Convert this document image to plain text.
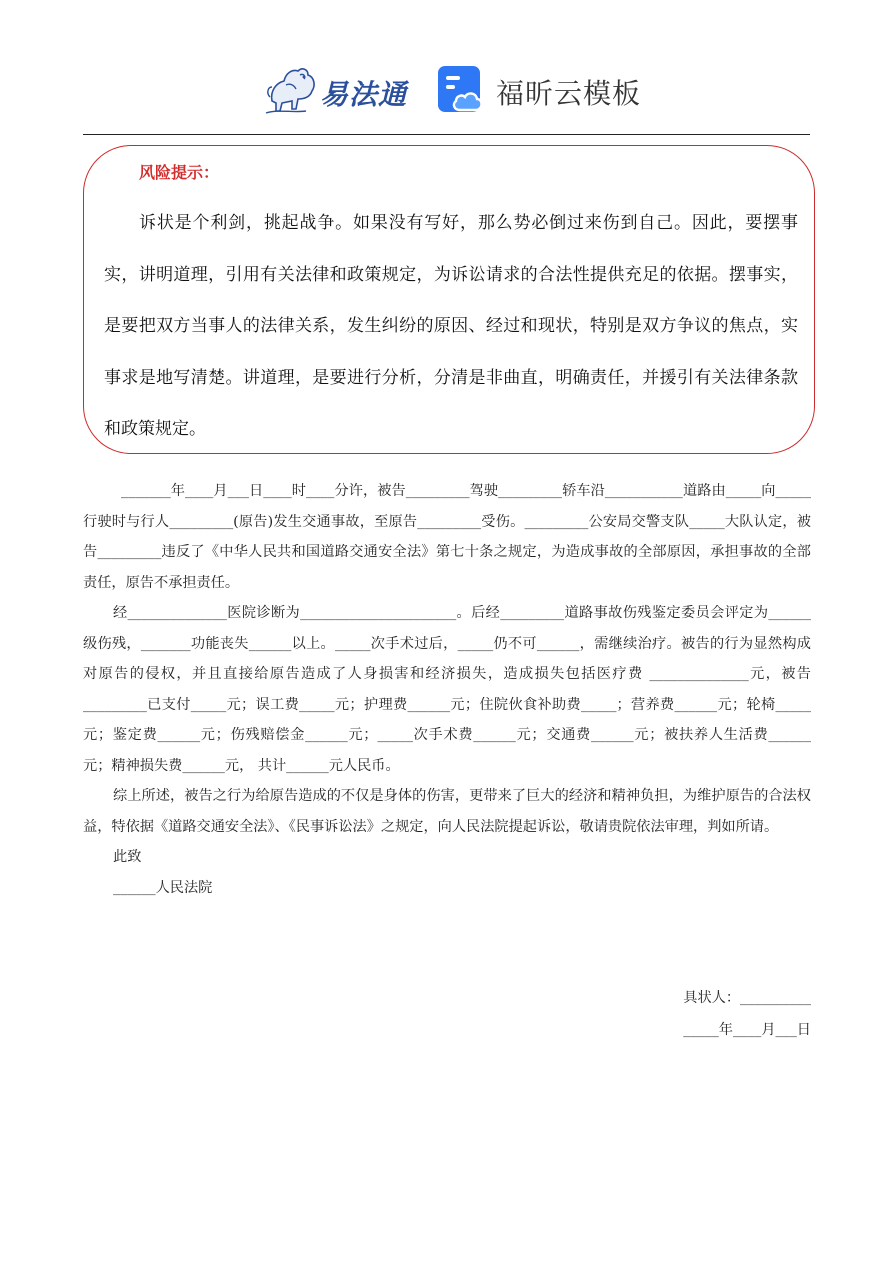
易法通	福昕云模板
风险提示：
诉状是个利剑，挑起战争。如果没有写好，那么势必倒过来伤到自己。因此，要摆事实，讲明道理，引用有关法律和政策规定，为诉讼请求的合法性提供充足的依据。摆事实，是要把双方当事人的法律关系，发生纠纷的原因、经过和现状，特别是双方争议的焦点，实事求是地写清楚。讲道理，是要进行分析，分清是非曲直，明确责任，并援引有关法律条款和政策规定。

_______年____月___日____时____分许，被告_________驾驶_________轿车沿___________道路由_____向_____行驶时与行人_________(原告)发生交通事故，至原告_________受伤。_________公安局交警支队_____大队认定，被告_________违反了《中华人民共和国道路交通安全法》第七十条之规定，为造成事故的全部原因，承担事故的全部责任，原告不承担责任。

经______________医院诊断为______________________。后经_________道路事故伤残鉴定委员会评定为______级伤残，_______功能丧失______以上。_____次手术过后，_____仍不可______，需继续治疗。被告的行为显然构成对原告的侵权，并且直接给原告造成了人身损害和经济损失，造成损失包括医疗费 ______________元，被告_________已支付_____元；误工费_____元；护理费______元；住院伙食补助费_____；营养费______元；轮椅_____元；鉴定费______元；伤残赔偿金______元；_____次手术费______元；交通费______元；被扶养人生活费______元；精神损失费______元， 共计______元人民币。

综上所述，被告之行为给原告造成的不仅是身体的伤害，更带来了巨大的经济和精神负担，为维护原告的合法权益，特依据《道路交通安全法》、《民事诉讼法》之规定，向人民法院提起诉讼，敬请贵院依法审理，判如所请。

此致

______人民法院

具状人：__________
_____年____月___日
